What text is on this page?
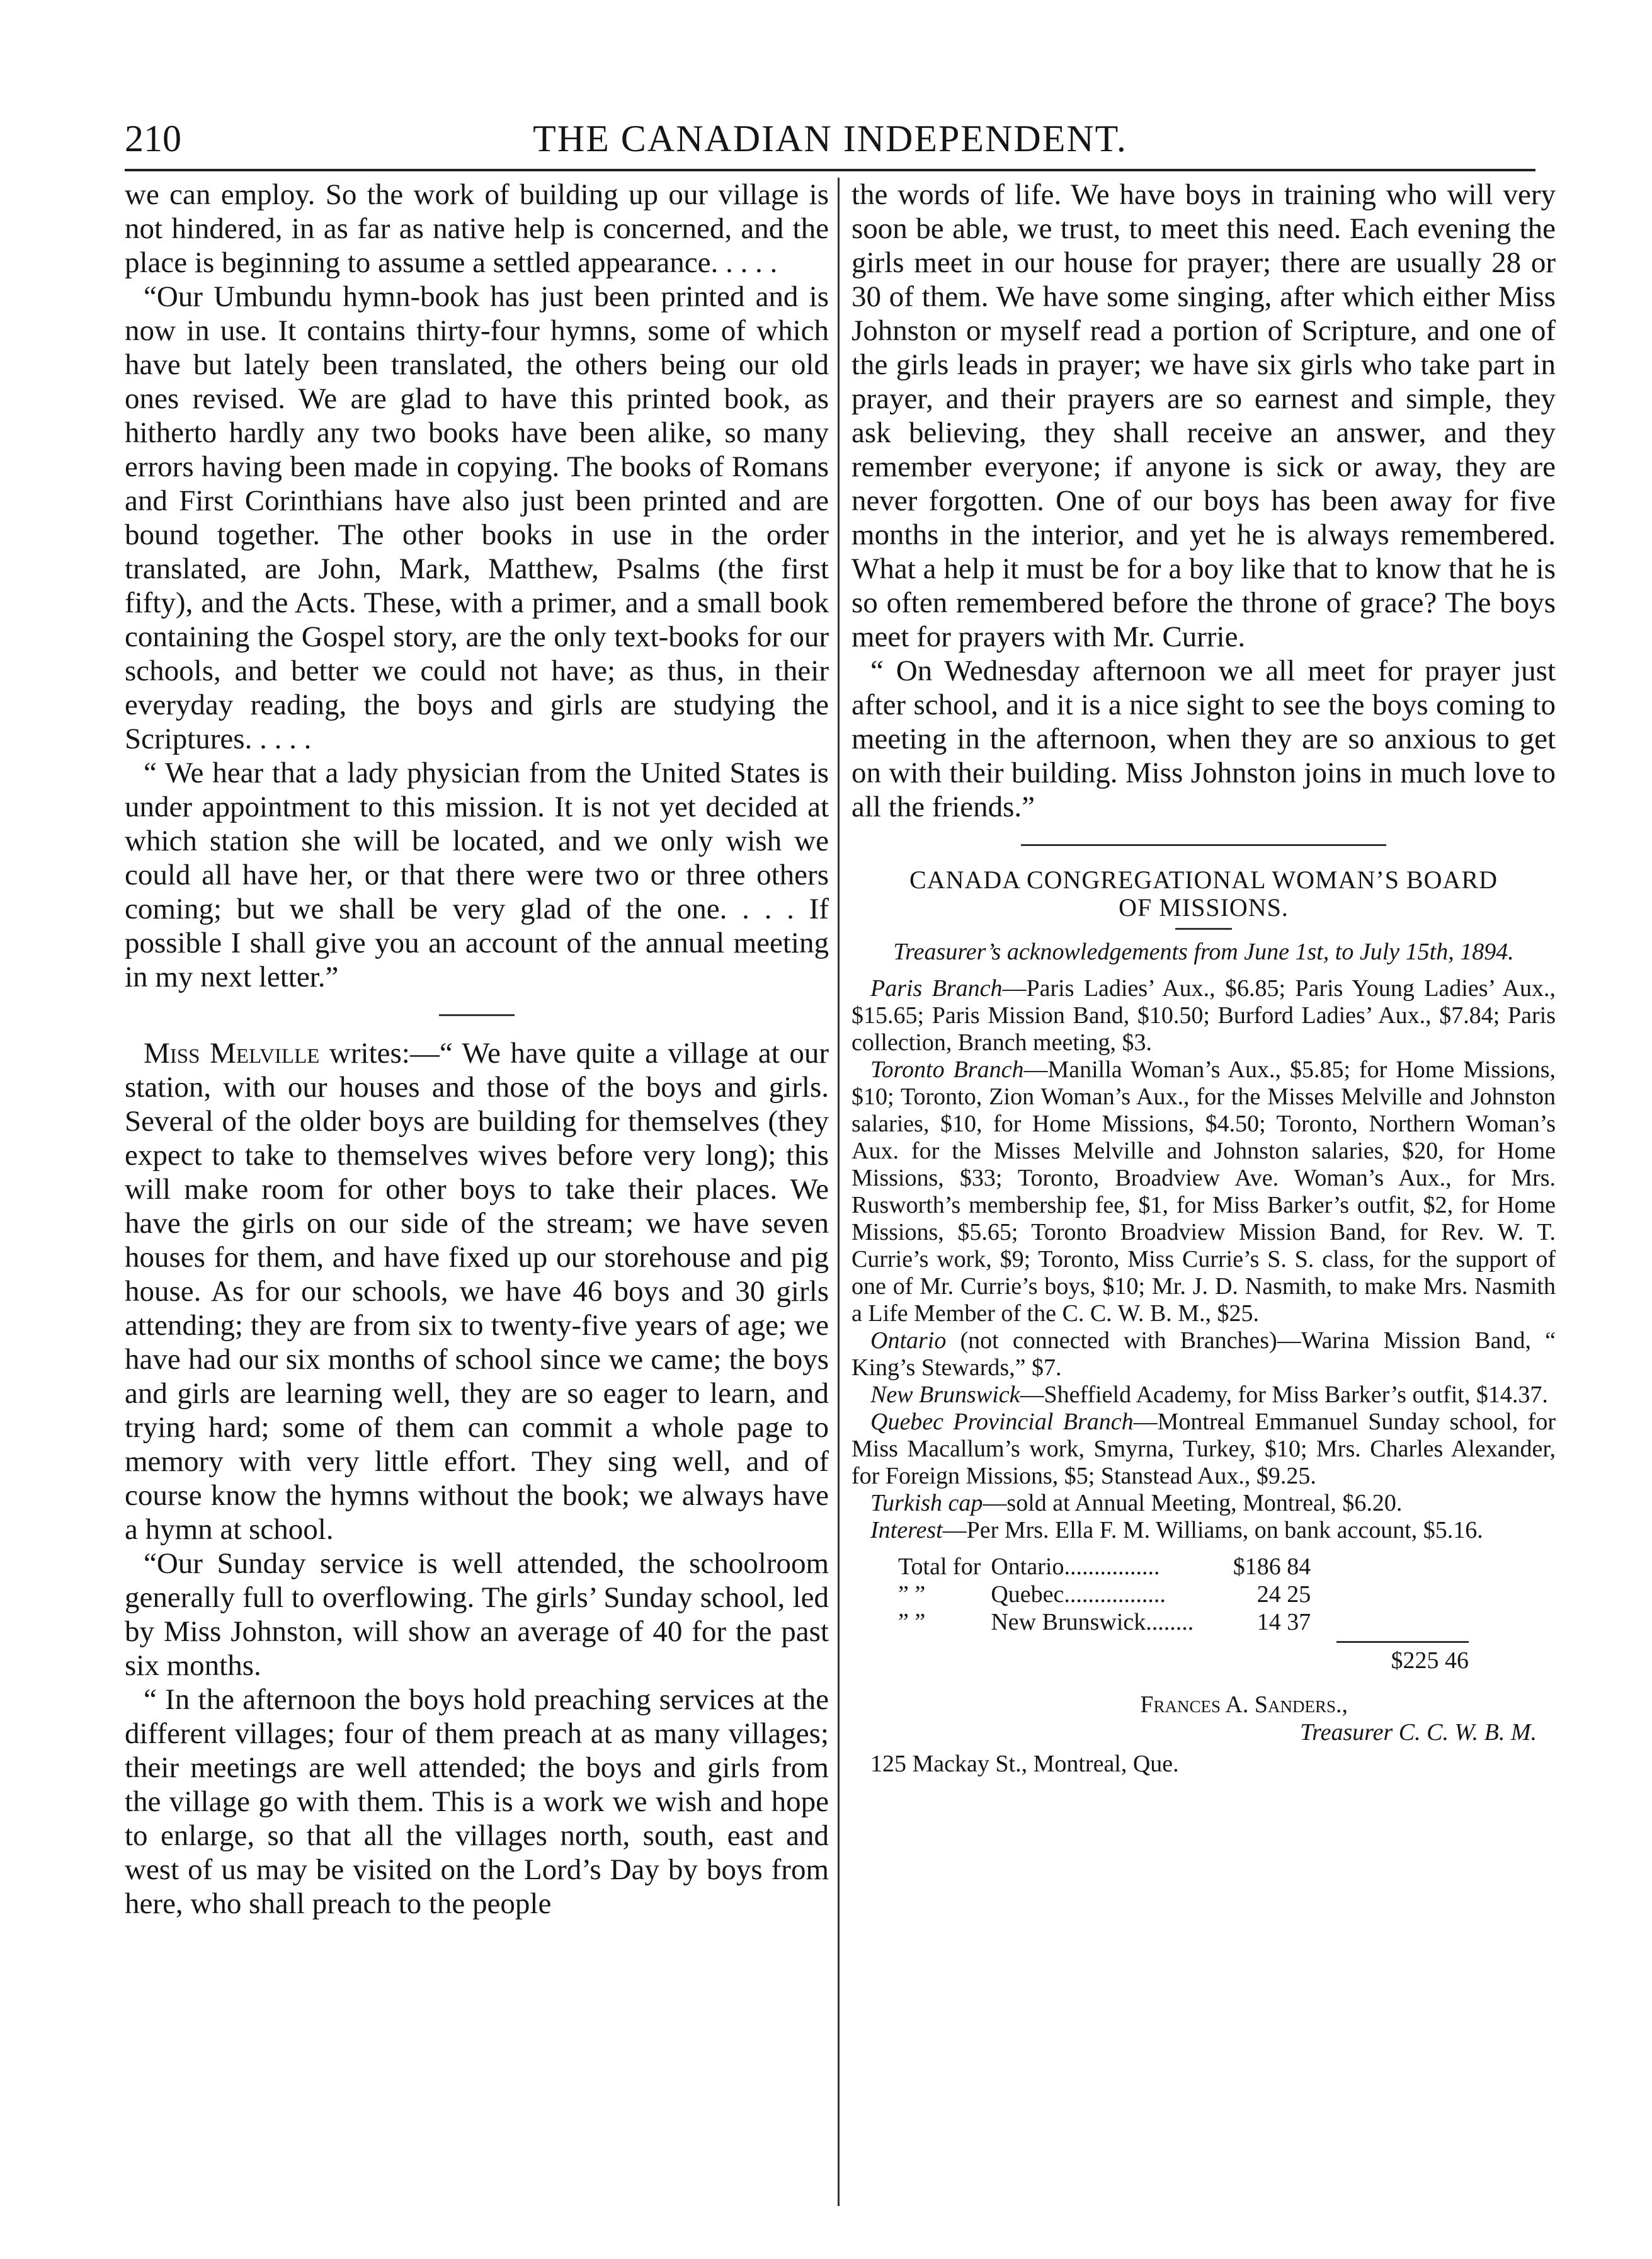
210	THE CANADIAN INDEPENDENT.

we can employ. So the work of building up our village is not hindered, in as far as native help is concerned, and the place is beginning to assume a settled appearance. . . . .

“Our Umbundu hymn-book has just been printed and is now in use. It contains thirty-four hymns, some of which have but lately been translated, the others being our old ones revised. We are glad to have this printed book, as hitherto hardly any two books have been alike, so many errors having been made in copying. The books of Romans and First Corinthians have also just been printed and are bound together. The other books in use in the order translated, are John, Mark, Matthew, Psalms (the first fifty), and the Acts. These, with a primer, and a small book containing the Gospel story, are the only text-books for our schools, and better we could not have; as thus, in their everyday reading, the boys and girls are studying the Scriptures. . . . .

“ We hear that a lady physician from the United States is under appointment to this mission. It is not yet decided at which station she will be located, and we only wish we could all have her, or that there were two or three others coming; but we shall be very glad of the one. . . . If possible I shall give you an account of the annual meeting in my next letter.”

Miss Melville writes:—“ We have quite a village at our station, with our houses and those of the boys and girls. Several of the older boys are building for themselves (they expect to take to themselves wives before very long); this will make room for other boys to take their places. We have the girls on our side of the stream; we have seven houses for them, and have fixed up our storehouse and pig house. As for our schools, we have 46 boys and 30 girls attending; they are from six to twenty-five years of age; we have had our six months of school since we came; the boys and girls are learning well, they are so eager to learn, and trying hard; some of them can commit a whole page to memory with very little effort. They sing well, and of course know the hymns without the book; we always have a hymn at school.

“Our Sunday service is well attended, the schoolroom generally full to overflowing. The girls’ Sunday school, led by Miss Johnston, will show an average of 40 for the past six months.

“ In the afternoon the boys hold preaching services at the different villages; four of them preach at as many villages; their meetings are well attended; the boys and girls from the village go with them. This is a work we wish and hope to enlarge, so that all the villages north, south, east and west of us may be visited on the Lord’s Day by boys from here, who shall preach to the people

the words of life. We have boys in training who will very soon be able, we trust, to meet this need. Each evening the girls meet in our house for prayer; there are usually 28 or 30 of them. We have some singing, after which either Miss Johnston or myself read a portion of Scripture, and one of the girls leads in prayer; we have six girls who take part in prayer, and their prayers are so earnest and simple, they ask believing, they shall receive an answer, and they remember everyone; if anyone is sick or away, they are never forgotten. One of our boys has been away for five months in the interior, and yet he is always remembered. What a help it must be for a boy like that to know that he is so often remembered before the throne of grace? The boys meet for prayers with Mr. Currie.

“ On Wednesday afternoon we all meet for prayer just after school, and it is a nice sight to see the boys coming to meeting in the afternoon, when they are so anxious to get on with their building. Miss Johnston joins in much love to all the friends.”

CANADA CONGREGATIONAL WOMAN’S BOARD
OF MISSIONS.
Treasurer’s acknowledgements from June 1st, to July 15th, 1894.

Paris Branch—Paris Ladies’ Aux., $6.85; Paris Young Ladies’ Aux., $15.65; Paris Mission Band, $10.50; Burford Ladies’ Aux., $7.84; Paris collection, Branch meeting, $3.

Toronto Branch—Manilla Woman’s Aux., $5.85; for Home Missions, $10; Toronto, Zion Woman’s Aux., for the Misses Melville and Johnston salaries, $10, for Home Missions, $4.50; Toronto, Northern Woman’s Aux. for the Misses Melville and Johnston salaries, $20, for Home Missions, $33; Toronto, Broadview Ave. Woman’s Aux., for Mrs. Rusworth’s membership fee, $1, for Miss Barker’s outfit, $2, for Home Missions, $5.65; Toronto Broadview Mission Band, for Rev. W. T. Currie’s work, $9; Toronto, Miss Currie’s S. S. class, for the support of one of Mr. Currie’s boys, $10; Mr. J. D. Nasmith, to make Mrs. Nasmith a Life Member of the C. C. W. B. M., $25.

Ontario (not connected with Branches)—Warina Mission Band, “ King’s Stewards,” $7.

New Brunswick—Sheffield Academy, for Miss Barker’s outfit, $14.37.

Quebec Provincial Branch—Montreal Emmanuel Sunday school, for Miss Macallum’s work, Smyrna, Turkey, $10; Mrs. Charles Alexander, for Foreign Missions, $5; Stanstead Aux., $9.25.

Turkish cap—sold at Annual Meeting, Montreal, $6.20.

Interest—Per Mrs. Ella F. M. Williams, on bank account, $5.16.

Total for	Ontario................	$186 84
” ”	Quebec.................	24 25
” ”	New Brunswick........	14 37
$225 46
Frances A. Sanders.,
Treasurer C. C. W. B. M.
125 Mackay St., Montreal, Que.
